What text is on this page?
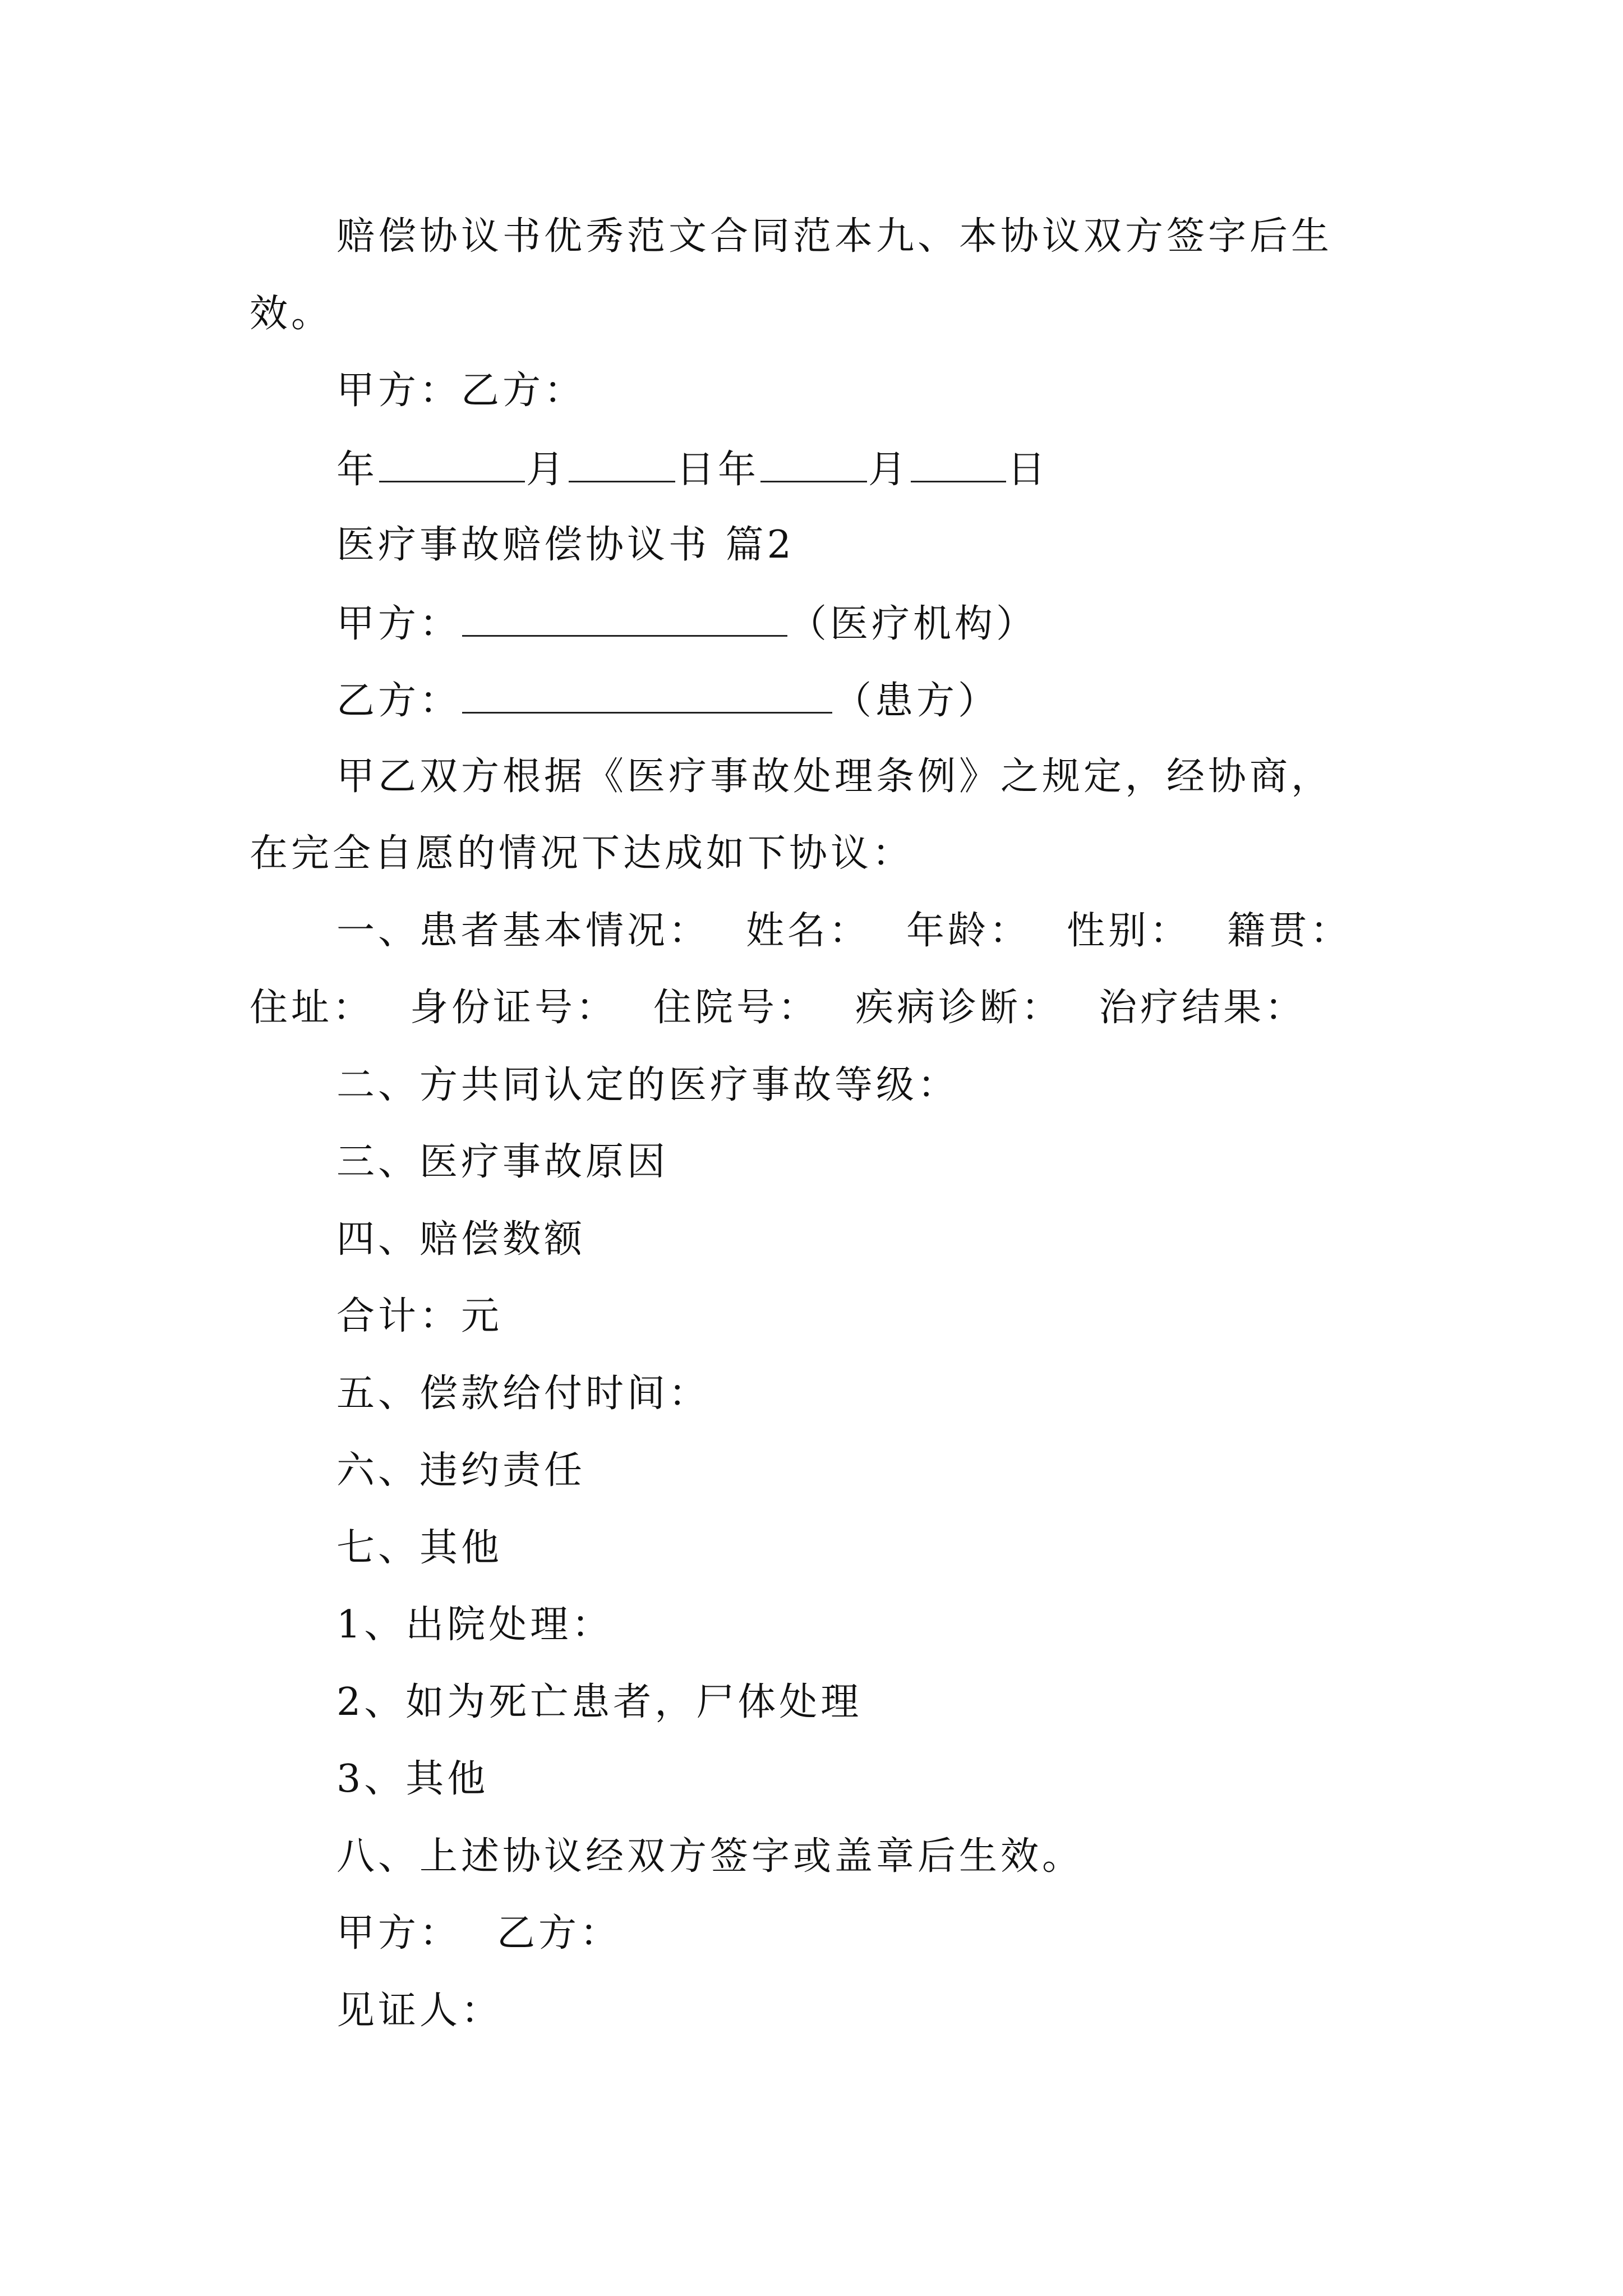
赔偿协议书优秀范文合同范本九、本协议双方签字后生
效。
甲方：乙方：
年	月	日年	月	日
医疗事故赔偿协议书 篇2
甲方：	（医疗机构）
乙方：	（患方）
甲乙双方根据《医疗事故处理条例》之规定，经协商，
在完全自愿的情况下达成如下协议：
一、患者基本情况： 姓名： 年龄： 性别： 籍贯：
住址： 身份证号： 住院号： 疾病诊断： 治疗结果：
二、方共同认定的医疗事故等级：
三、医疗事故原因
四、赔偿数额
合计：元
五、偿款给付时间：
六、违约责任
七、其他
1、出院处理：
2、如为死亡患者，尸体处理
3、其他
八、上述协议经双方签字或盖章后生效。
甲方： 乙方：
见证人：
